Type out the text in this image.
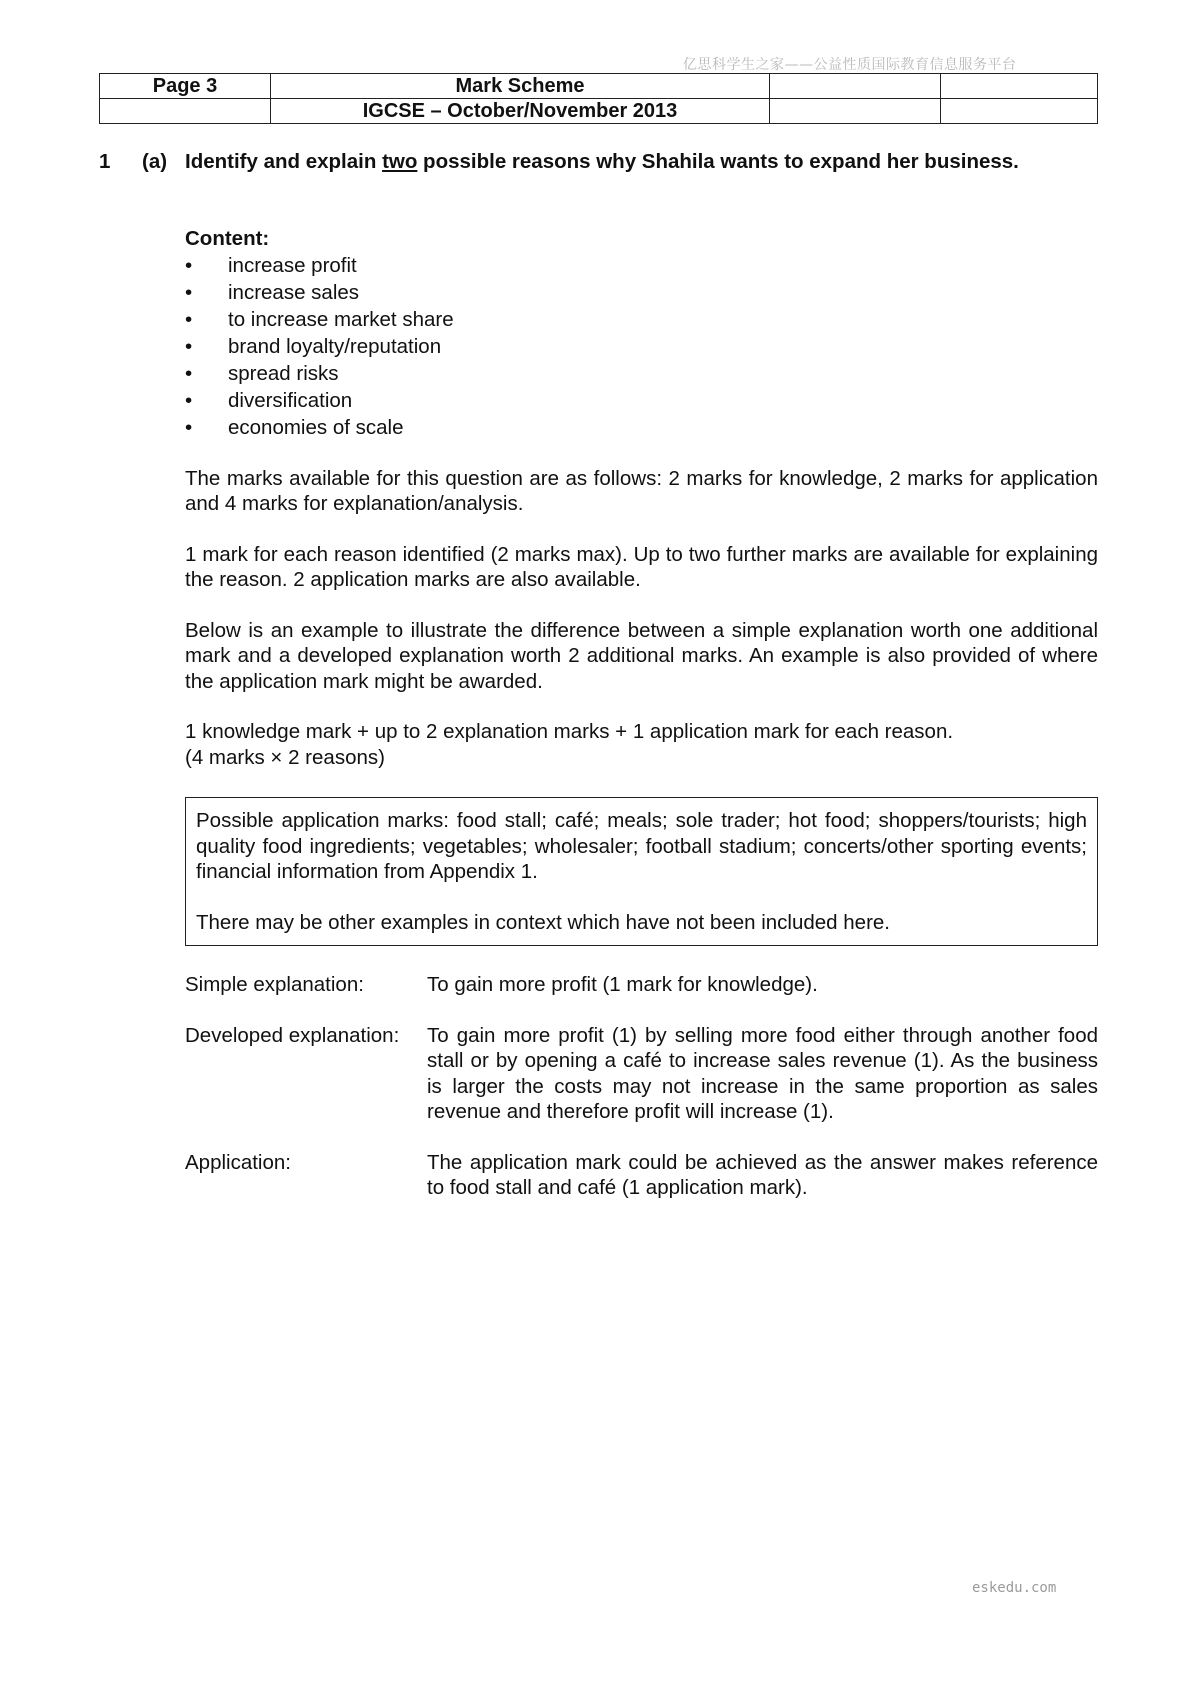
亿思科学生之家——公益性质国际教育信息服务平台
Page 3	Mark Scheme		
	IGCSE – October/November 2013		
1 (a) Identify and explain two possible reasons why Shahila wants to expand her business.

Content:

• increase profit
• increase sales
• to increase market share
• brand loyalty/reputation
• spread risks
• diversification
• economies of scale

The marks available for this question are as follows: 2 marks for knowledge, 2 marks for application and 4 marks for explanation/analysis.

1 mark for each reason identified (2 marks max). Up to two further marks are available for explaining the reason. 2 application marks are also available.

Below is an example to illustrate the difference between a simple explanation worth one additional mark and a developed explanation worth 2 additional marks. An example is also provided of where the application mark might be awarded.

1 knowledge mark + up to 2 explanation marks + 1 application mark for each reason.

(4 marks × 2 reasons)

Possible application marks: food stall; café; meals; sole trader; hot food; shoppers/tourists; high quality food ingredients; vegetables; wholesaler; football stadium; concerts/other sporting events; financial information from Appendix 1.

There may be other examples in context which have not been included here.

Simple explanation:	To gain more profit (1 mark for knowledge).
Developed explanation:	To gain more profit (1) by selling more food either through another food stall or by opening a café to increase sales revenue (1). As the business is larger the costs may not increase in the same proportion as sales revenue and therefore profit will increase (1).
Application:	The application mark could be achieved as the answer makes reference to food stall and café (1 application mark).
eskedu.com
